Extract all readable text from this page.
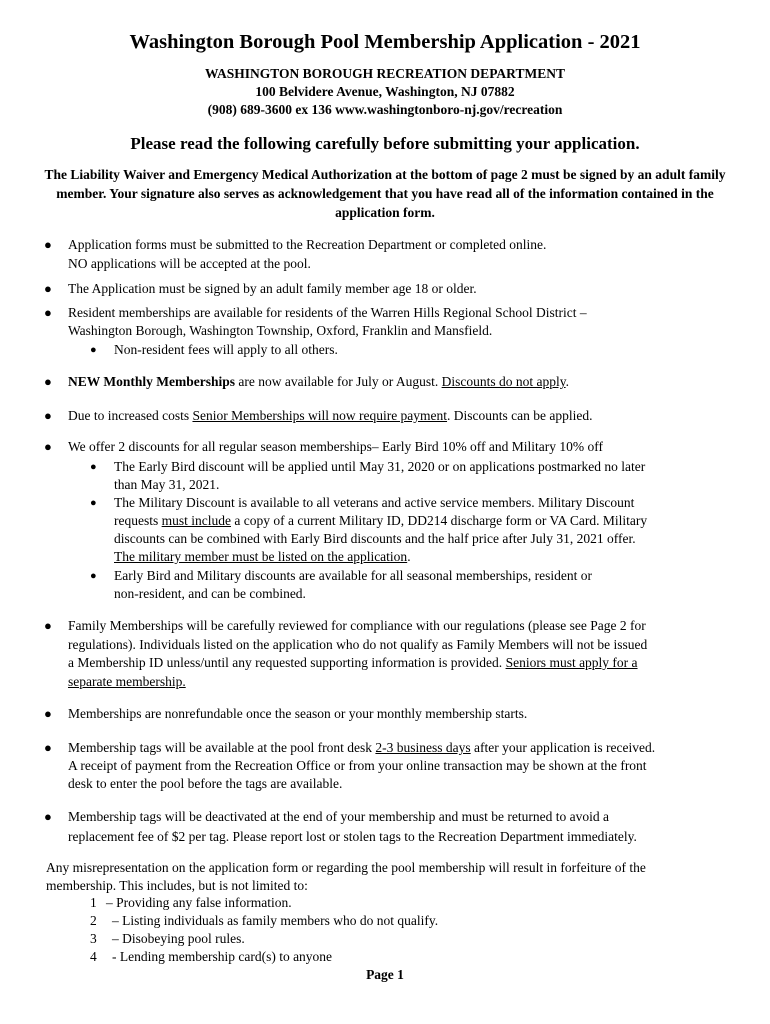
Washington Borough Pool Membership Application - 2021
WASHINGTON BOROUGH RECREATION DEPARTMENT
100 Belvidere Avenue, Washington, NJ 07882
(908) 689-3600 ex 136 www.washingtonboro-nj.gov/recreation
Please read the following carefully before submitting your application.
The Liability Waiver and Emergency Medical Authorization at the bottom of page 2 must be signed by an adult family member. Your signature also serves as acknowledgement that you have read all of the information contained in the application form.
● Application forms must be submitted to the Recreation Department or completed online.
NO applications will be accepted at the pool.
● The Application must be signed by an adult family member age 18 or older.
● Resident memberships are available for residents of the Warren Hills Regional School District –
Washington Borough, Washington Township, Oxford, Franklin and Mansfield.
● Non-resident fees will apply to all others.
● NEW Monthly Memberships are now available for July or August. Discounts do not apply.
● Due to increased costs Senior Memberships will now require payment. Discounts can be applied.
● We offer 2 discounts for all regular season memberships– Early Bird 10% off and Military 10% off
● The Early Bird discount will be applied until May 31, 2020 or on applications postmarked no later
than May 31, 2021.
● The Military Discount is available to all veterans and active service members. Military Discount
requests must include a copy of a current Military ID, DD214 discharge form or VA Card. Military
discounts can be combined with Early Bird discounts and the half price after July 31, 2021 offer.
The military member must be listed on the application.
● Early Bird and Military discounts are available for all seasonal memberships, resident or
non-resident, and can be combined.
● Family Memberships will be carefully reviewed for compliance with our regulations (please see Page 2 for
regulations). Individuals listed on the application who do not qualify as Family Members will not be issued
a Membership ID unless/until any requested supporting information is provided. Seniors must apply for a
separate membership.
● Memberships are nonrefundable once the season or your monthly membership starts.
● Membership tags will be available at the pool front desk 2-3 business days after your application is received.
A receipt of payment from the Recreation Office or from your online transaction may be shown at the front
desk to enter the pool before the tags are available.
● Membership tags will be deactivated at the end of your membership and must be returned to avoid a
replacement fee of $2 per tag. Please report lost or stolen tags to the Recreation Department immediately.
Any misrepresentation on the application form or regarding the pool membership will result in forfeiture of the
membership. This includes, but is not limited to:
1 – Providing any false information.
2 – Listing individuals as family members who do not qualify.
3 – Disobeying pool rules.
4 - Lending membership card(s) to anyone
Page 1
